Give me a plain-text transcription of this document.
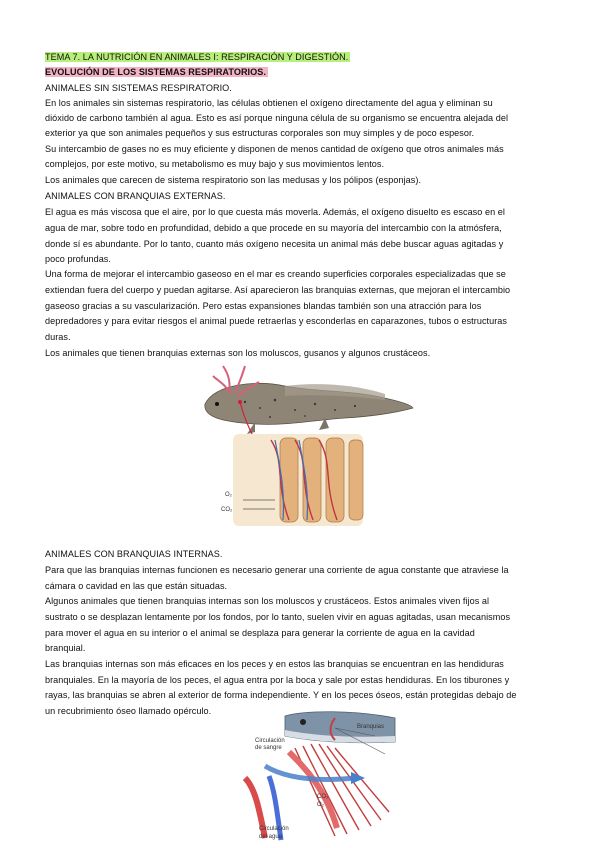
TEMA 7. LA NUTRICIÓN EN ANIMALES I: RESPIRACIÓN Y DIGESTIÓN.
EVOLUCIÓN DE LOS SISTEMAS RESPIRATORIOS.
ANIMALES SIN SISTEMAS RESPIRATORIO.
En los animales sin sistemas respiratorio, las células obtienen el oxígeno directamente del agua y eliminan su
dióxido de carbono también al agua. Esto es así porque ninguna célula de su organismo se encuentra alejada del
exterior ya que son animales pequeños y sus estructuras corporales son muy simples y de poco espesor.
Su intercambio de gases no es muy eficiente y disponen de menos cantidad de oxígeno que otros animales más
complejos, por este motivo, su metabolismo es muy bajo y sus movimientos lentos.
Los animales que carecen de sistema respiratorio son las medusas y los pólipos (esponjas).
ANIMALES CON BRANQUIAS EXTERNAS.
El agua es más viscosa que el aire, por lo que cuesta más moverla. Además, el oxígeno disuelto es escaso en el
agua de mar, sobre todo en profundidad, debido a que procede en su mayoría del intercambio con la atmósfera,
donde sí es abundante. Por lo tanto, cuanto más oxígeno necesita un animal más debe buscar aguas agitadas y
poco profundas.
Una forma de mejorar el intercambio gaseoso en el mar es creando superficies corporales especializadas que se
extiendan fuera del cuerpo y puedan agitarse. Así aparecieron las branquias externas, que mejoran el intercambio
gaseoso gracias a su vascularización. Pero estas expansiones blandas también son una atracción para los
depredadores y para evitar riesgos el animal puede retraerlas y esconderlas en caparazones, tubos o estructuras
duras.
Los animales que tienen branquias externas son los moluscos, gusanos y algunos crustáceos.
O₂
CO₂
ANIMALES CON BRANQUIAS INTERNAS.
Para que las branquias internas funcionen es necesario generar una corriente de agua constante que atraviese la
cámara o cavidad en las que están situadas.
Algunos animales que tienen branquias internas son los moluscos y crustáceos. Estos animales viven fijos al
sustrato o se desplazan lentamente por los fondos, por lo tanto, suelen vivir en aguas agitadas, usan mecanismos
para mover el agua en su interior o el animal se desplaza para generar la corriente de agua en la cavidad
branquial.
Las branquias internas son más eficaces en los peces y en estos las branquias se encuentran en las hendiduras
branquiales. En la mayoría de los peces, el agua entra por la boca y sale por estas hendiduras. En los tiburones y
rayas, las branquias se abren al exterior de forma independiente. Y en los peces óseos, están protegidas debajo de
un recubrimiento óseo llamado opérculo.
Branquias
Circulación
de sangre
CO₂
O₂
Circulación
del agua
